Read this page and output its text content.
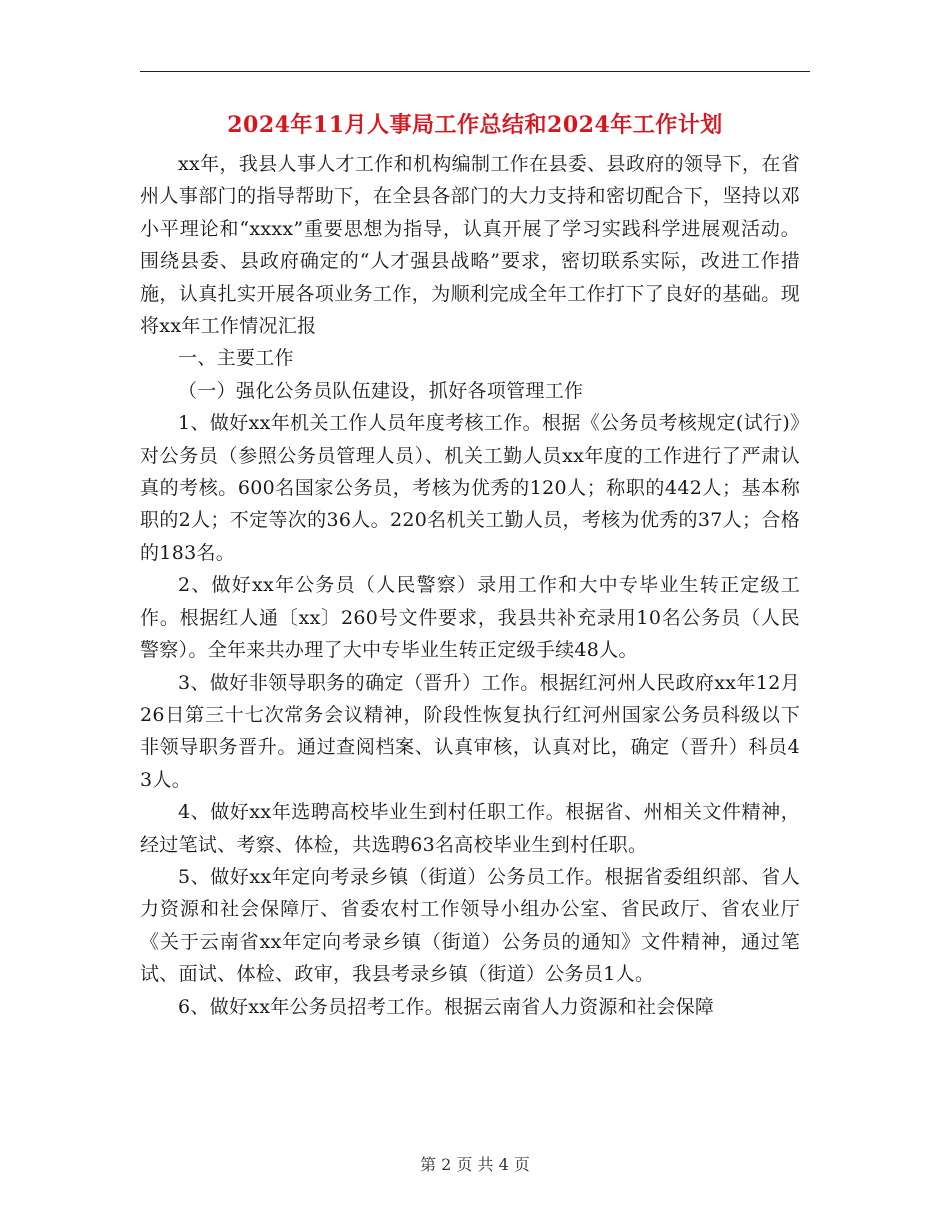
2024年11月人事局工作总结和2024年工作计划

xx年，我县人事人才工作和机构编制工作在县委、县政府的领导下，在省州人事部门的指导帮助下，在全县各部门的大力支持和密切配合下，坚持以邓小平理论和“xxxx”重要思想为指导，认真开展了学习实践科学进展观活动。围绕县委、县政府确定的“人才强县战略”要求，密切联系实际，改进工作措施，认真扎实开展各项业务工作，为顺利完成全年工作打下了良好的基础。现将xx年工作情况汇报

一、主要工作

（一）强化公务员队伍建设，抓好各项管理工作

1、做好xx年机关工作人员年度考核工作。根据《公务员考核规定(试行)》对公务员（参照公务员管理人员）、机关工勤人员xx年度的工作进行了严肃认真的考核。600名国家公务员，考核为优秀的120人；称职的442人；基本称职的2人；不定等次的36人。220名机关工勤人员，考核为优秀的37人；合格的183名。

2、做好xx年公务员（人民警察）录用工作和大中专毕业生转正定级工作。根据红人通〔xx〕260号文件要求，我县共补充录用10名公务员（人民警察）。全年来共办理了大中专毕业生转正定级手续48人。

3、做好非领导职务的确定（晋升）工作。根据红河州人民政府xx年12月26日第三十七次常务会议精神，阶段性恢复执行红河州国家公务员科级以下非领导职务晋升。通过查阅档案、认真审核，认真对比，确定（晋升）科员43人。

4、做好xx年选聘高校毕业生到村任职工作。根据省、州相关文件精神，经过笔试、考察、体检，共选聘63名高校毕业生到村任职。

5、做好xx年定向考录乡镇（街道）公务员工作。根据省委组织部、省人力资源和社会保障厅、省委农村工作领导小组办公室、省民政厅、省农业厅《关于云南省xx年定向考录乡镇（街道）公务员的通知》文件精神，通过笔试、面试、体检、政审，我县考录乡镇（街道）公务员1人。

6、做好xx年公务员招考工作。根据云南省人力资源和社会保障

第 2 页 共 4 页
